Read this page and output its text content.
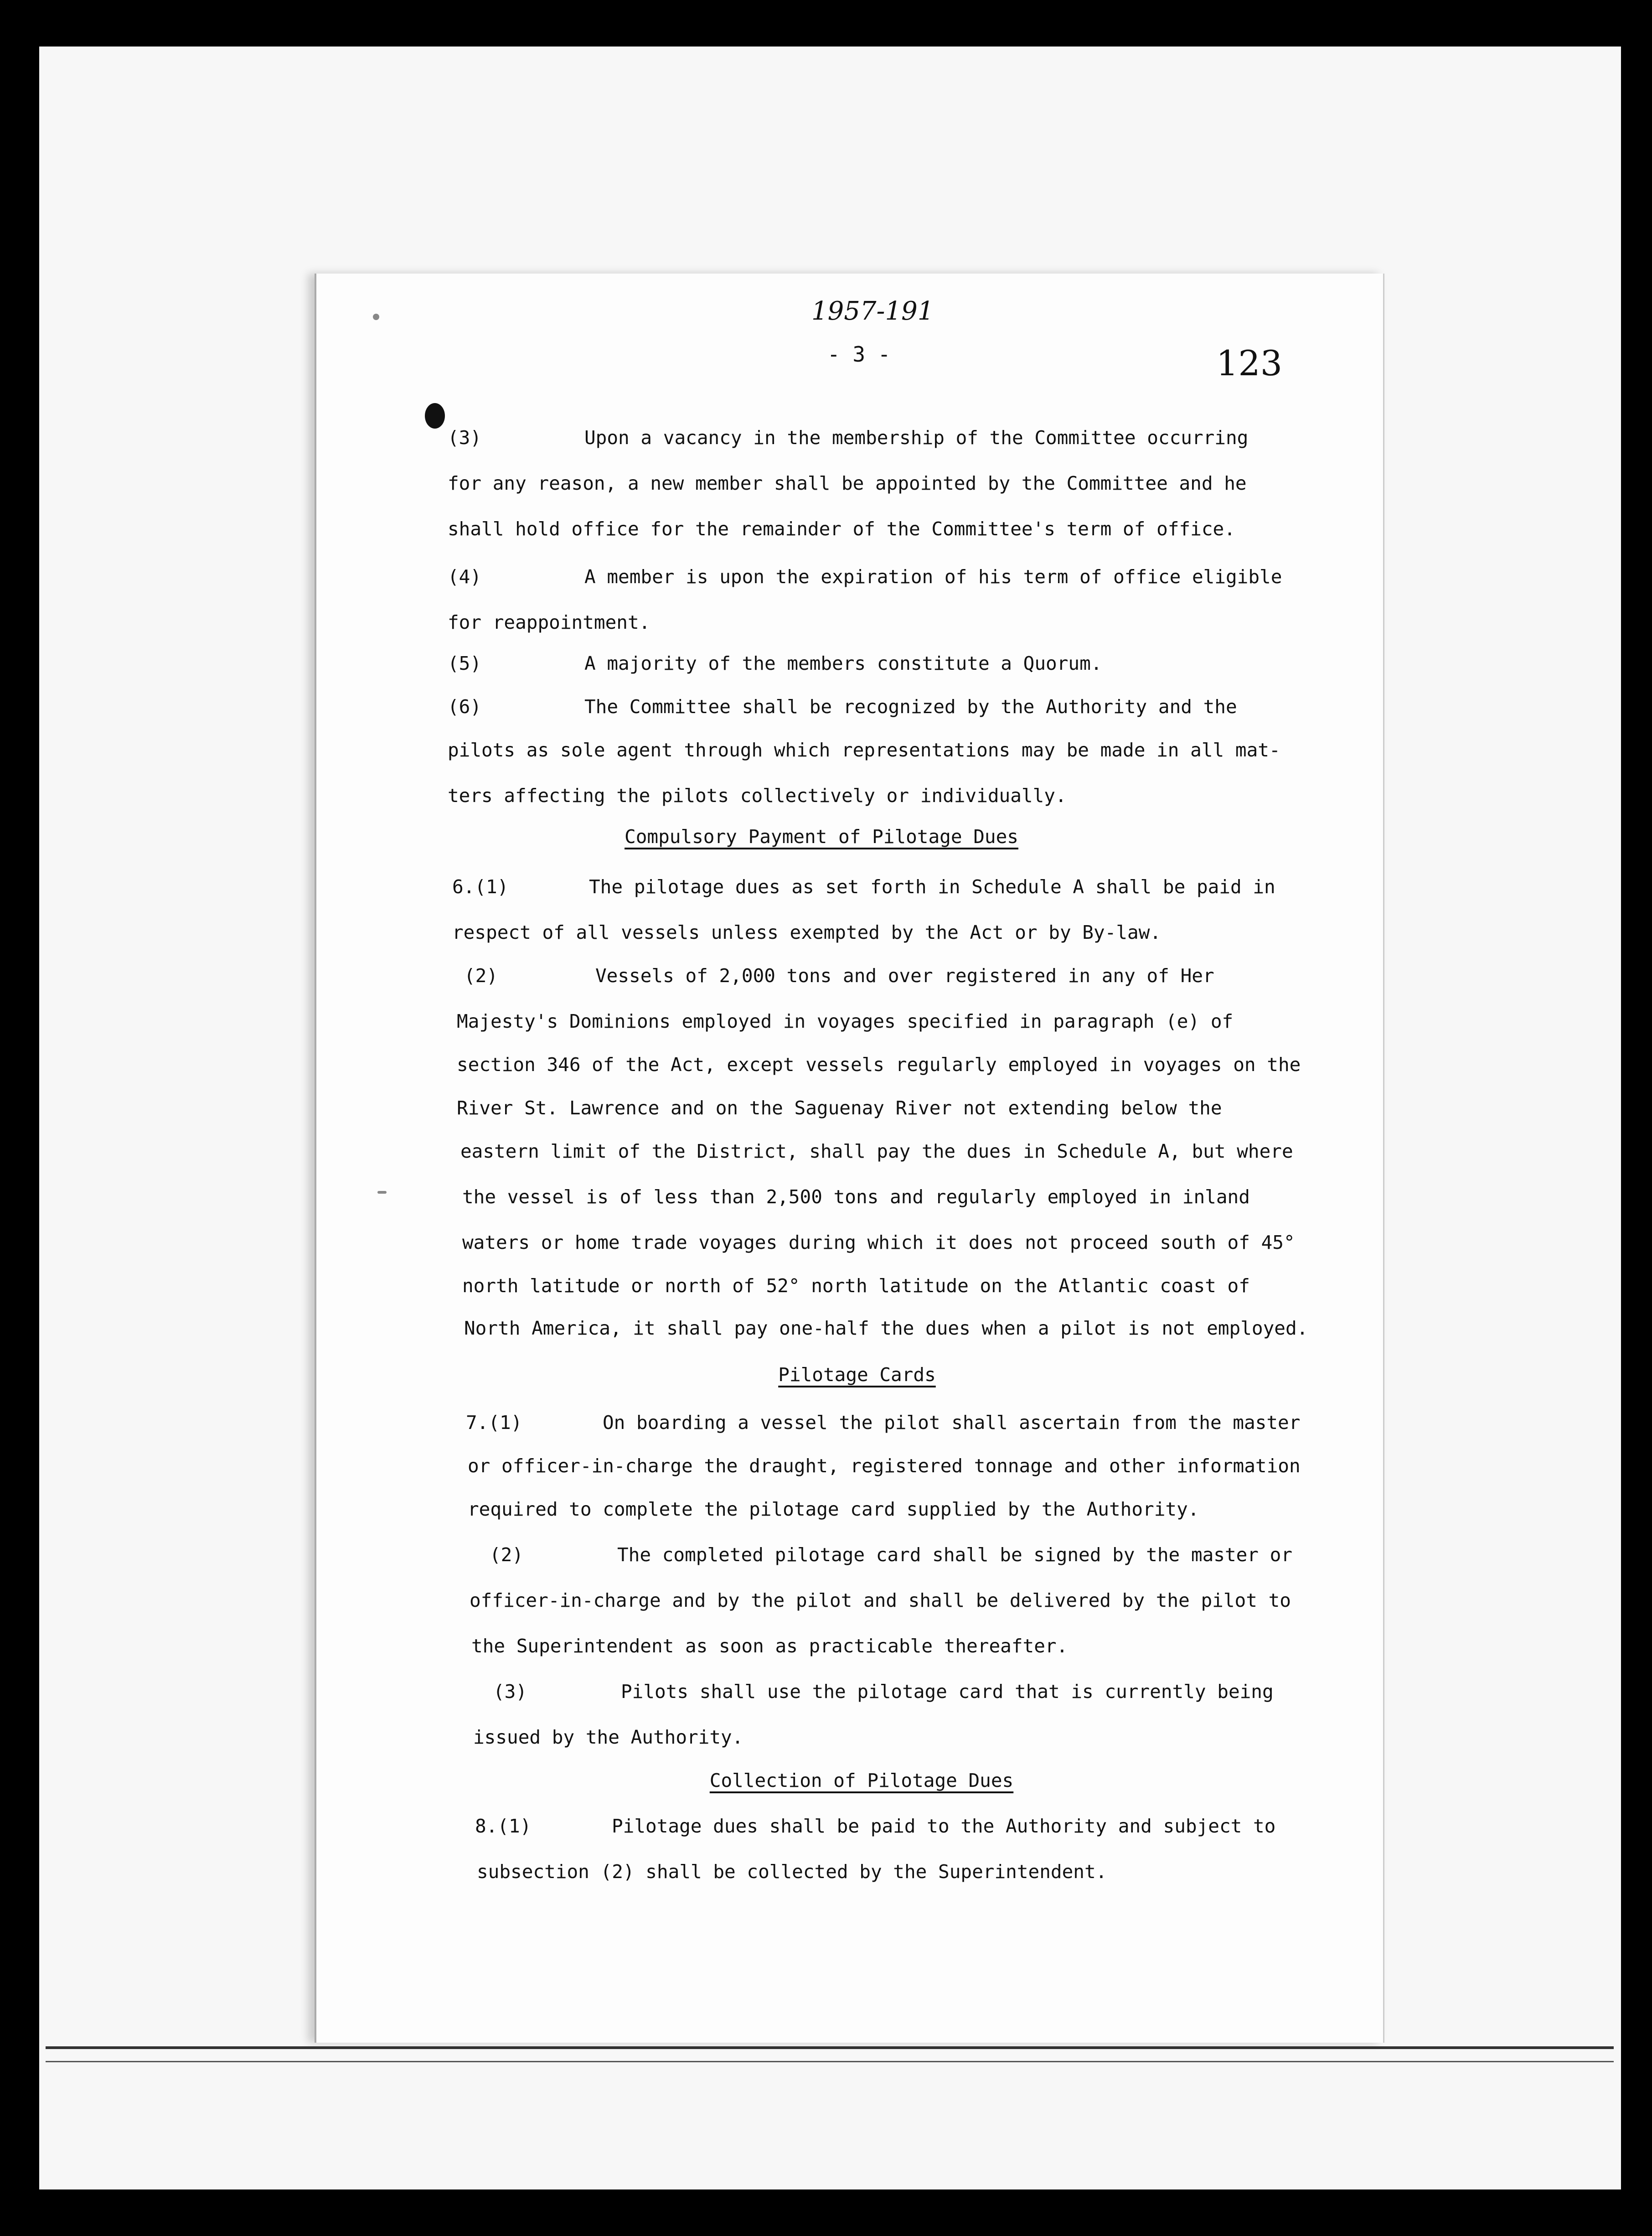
1957-191
- 3 -	123
(3)	Upon a vacancy in the membership of the Committee occurring
for any reason, a new member shall be appointed by the Committee and he
shall hold office for the remainder of the Committee's term of office.
(4)	A member is upon the expiration of his term of office eligible
for reappointment.
(5)	A majority of the members constitute a Quorum.
(6)	The Committee shall be recognized by the Authority and the
pilots as sole agent through which representations may be made in all mat-
ters affecting the pilots collectively or individually.
Compulsory Payment of Pilotage Dues
6.(1)	The pilotage dues as set forth in Schedule A shall be paid in
respect of all vessels unless exempted by the Act or by By-law.
(2)	Vessels of 2,000 tons and over registered in any of Her
Majesty's Dominions employed in voyages specified in paragraph (e) of
section 346 of the Act, except vessels regularly employed in voyages on the
River St. Lawrence and on the Saguenay River not extending below the
eastern limit of the District, shall pay the dues in Schedule A, but where
the vessel is of less than 2,500 tons and regularly employed in inland
waters or home trade voyages during which it does not proceed south of 45°
north latitude or north of 52° north latitude on the Atlantic coast of
North America, it shall pay one-half the dues when a pilot is not employed.
Pilotage Cards
7.(1)	On boarding a vessel the pilot shall ascertain from the master
or officer-in-charge the draught, registered tonnage and other information
required to complete the pilotage card supplied by the Authority.
(2)	The completed pilotage card shall be signed by the master or
officer-in-charge and by the pilot and shall be delivered by the pilot to
the Superintendent as soon as practicable thereafter.
(3)	Pilots shall use the pilotage card that is currently being
issued by the Authority.
Collection of Pilotage Dues
8.(1)	Pilotage dues shall be paid to the Authority and subject to
subsection (2) shall be collected by the Superintendent.
